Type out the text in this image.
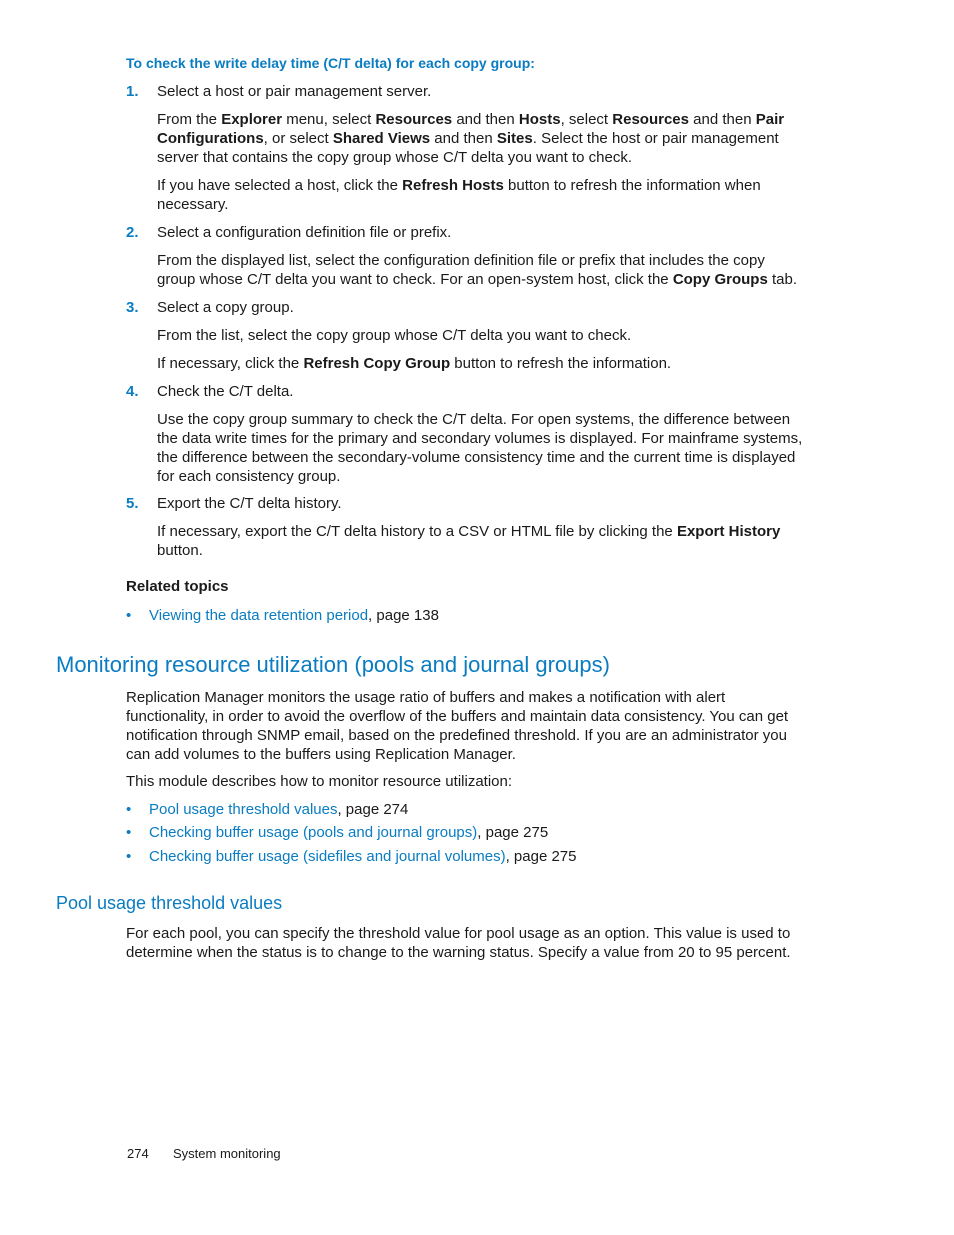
To check the write delay time (C/T delta) for each copy group:
1. Select a host or pair management server.
From the Explorer menu, select Resources and then Hosts, select Resources and then Pair Configurations, or select Shared Views and then Sites. Select the host or pair management server that contains the copy group whose C/T delta you want to check.
If you have selected a host, click the Refresh Hosts button to refresh the information when necessary.
2. Select a configuration definition file or prefix.
From the displayed list, select the configuration definition file or prefix that includes the copy group whose C/T delta you want to check. For an open-system host, click the Copy Groups tab.
3. Select a copy group.
From the list, select the copy group whose C/T delta you want to check.
If necessary, click the Refresh Copy Group button to refresh the information.
4. Check the C/T delta.
Use the copy group summary to check the C/T delta. For open systems, the difference between the data write times for the primary and secondary volumes is displayed. For mainframe systems, the difference between the secondary-volume consistency time and the current time is displayed for each consistency group.
5. Export the C/T delta history.
If necessary, export the C/T delta history to a CSV or HTML file by clicking the Export History button.
Related topics
• Viewing the data retention period, page 138
Monitoring resource utilization (pools and journal groups)
Replication Manager monitors the usage ratio of buffers and makes a notification with alert functionality, in order to avoid the overflow of the buffers and maintain data consistency. You can get notification through SNMP email, based on the predefined threshold. If you are an administrator you can add volumes to the buffers using Replication Manager.
This module describes how to monitor resource utilization:
• Pool usage threshold values, page 274
• Checking buffer usage (pools and journal groups), page 275
• Checking buffer usage (sidefiles and journal volumes), page 275
Pool usage threshold values
For each pool, you can specify the threshold value for pool usage as an option. This value is used to determine when the status is to change to the warning status. Specify a value from 20 to 95 percent.
274 System monitoring
